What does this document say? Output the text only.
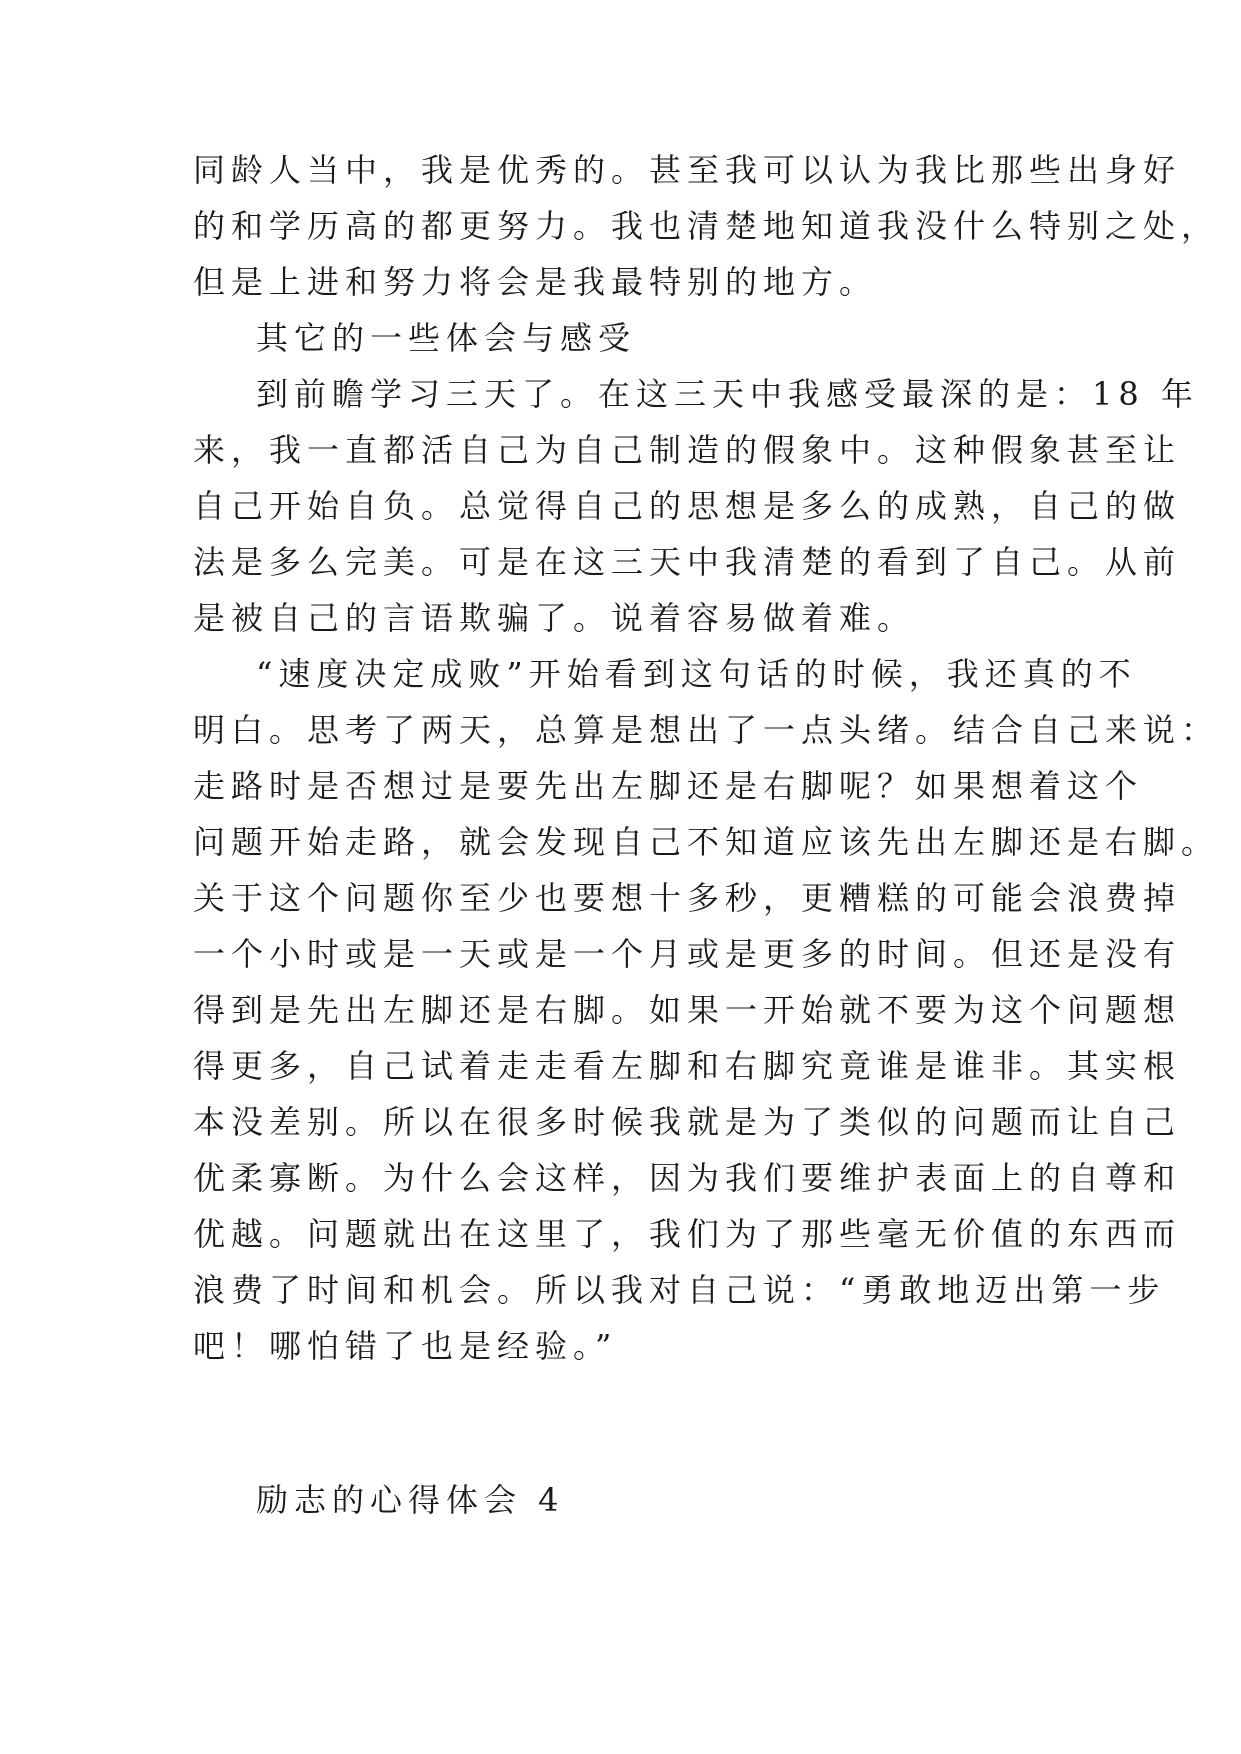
同龄人当中，我是优秀的。甚至我可以认为我比那些出身好
的和学历高的都更努力。我也清楚地知道我没什么特别之处，
但是上进和努力将会是我最特别的地方。
其它的一些体会与感受
到前瞻学习三天了。在这三天中我感受最深的是：18 年
来，我一直都活自己为自己制造的假象中。这种假象甚至让
自己开始自负。总觉得自己的思想是多么的成熟，自己的做
法是多么完美。可是在这三天中我清楚的看到了自己。从前
是被自己的言语欺骗了。说着容易做着难。
“速度决定成败”开始看到这句话的时候，我还真的不
明白。思考了两天，总算是想出了一点头绪。结合自己来说：
走路时是否想过是要先出左脚还是右脚呢？如果想着这个
问题开始走路，就会发现自己不知道应该先出左脚还是右脚。
关于这个问题你至少也要想十多秒，更糟糕的可能会浪费掉
一个小时或是一天或是一个月或是更多的时间。但还是没有
得到是先出左脚还是右脚。如果一开始就不要为这个问题想
得更多，自己试着走走看左脚和右脚究竟谁是谁非。其实根
本没差别。所以在很多时候我就是为了类似的问题而让自己
优柔寡断。为什么会这样，因为我们要维护表面上的自尊和
优越。问题就出在这里了，我们为了那些毫无价值的东西而
浪费了时间和机会。所以我对自己说：“勇敢地迈出第一步
吧！哪怕错了也是经验。”
励志的心得体会 4
